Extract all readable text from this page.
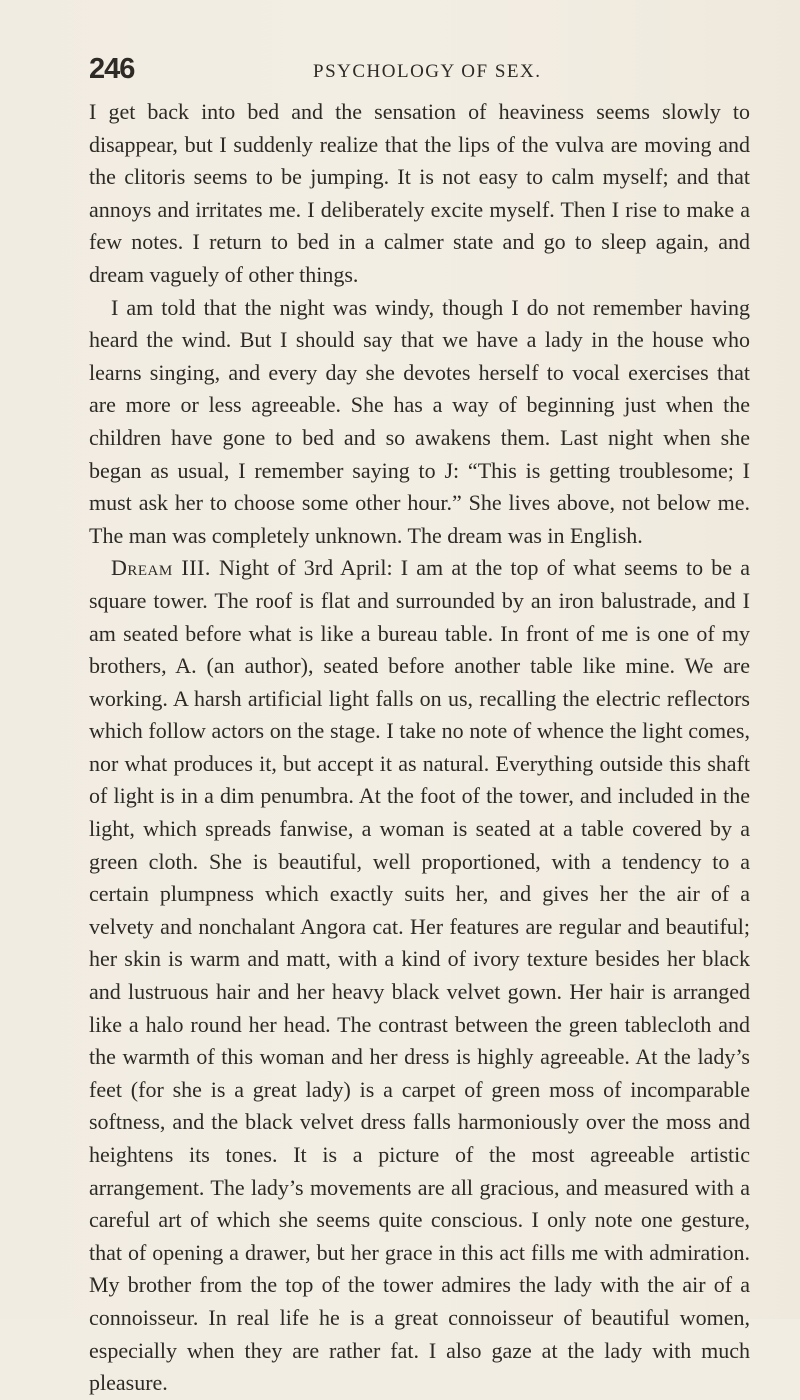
246	PSYCHOLOGY OF SEX.

I get back into bed and the sensation of heaviness seems slowly to disappear, but I suddenly realize that the lips of the vulva are moving and the clitoris seems to be jumping. It is not easy to calm myself; and that annoys and irritates me. I deliberately excite myself. Then I rise to make a few notes. I return to bed in a calmer state and go to sleep again, and dream vaguely of other things.

I am told that the night was windy, though I do not remember having heard the wind. But I should say that we have a lady in the house who learns singing, and every day she devotes herself to vocal exercises that are more or less agreeable. She has a way of beginning just when the children have gone to bed and so awakens them. Last night when she began as usual, I remember saying to J: “This is getting troublesome; I must ask her to choose some other hour.” She lives above, not below me. The man was completely unknown. The dream was in English.

Dream III. Night of 3rd April: I am at the top of what seems to be a square tower. The roof is flat and surrounded by an iron balustrade, and I am seated before what is like a bureau table. In front of me is one of my brothers, A. (an author), seated before another table like mine. We are working. A harsh artificial light falls on us, recalling the electric reflectors which follow actors on the stage. I take no note of whence the light comes, nor what produces it, but accept it as natural. Everything outside this shaft of light is in a dim penumbra. At the foot of the tower, and included in the light, which spreads fanwise, a woman is seated at a table covered by a green cloth. She is beautiful, well proportioned, with a tendency to a certain plumpness which exactly suits her, and gives her the air of a velvety and nonchalant Angora cat. Her features are regular and beautiful; her skin is warm and matt, with a kind of ivory texture besides her black and lustruous hair and her heavy black velvet gown. Her hair is arranged like a halo round her head. The contrast between the green tablecloth and the warmth of this woman and her dress is highly agreeable. At the lady’s feet (for she is a great lady) is a carpet of green moss of incomparable softness, and the black velvet dress falls harmoniously over the moss and heightens its tones. It is a picture of the most agreeable artistic arrangement. The lady’s movements are all gracious, and measured with a careful art of which she seems quite conscious. I only note one gesture, that of opening a drawer, but her grace in this act fills me with admiration. My brother from the top of the tower admires the lady with the air of a connoisseur. In real life he is a great connoisseur of beautiful women, especially when they are rather fat. I also gaze at the lady with much pleasure.
